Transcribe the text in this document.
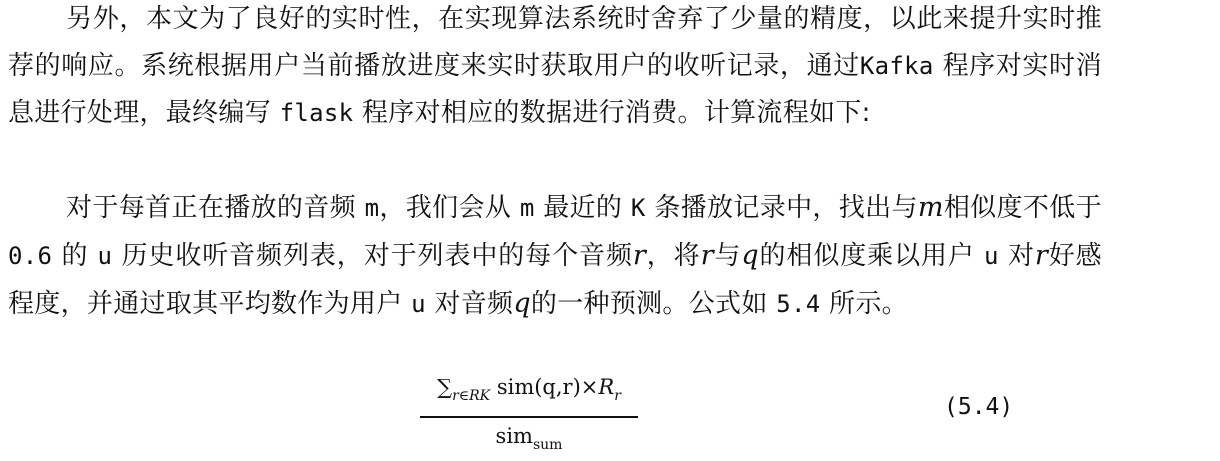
另外，本文为了良好的实时性，在实现算法系统时舍弃了少量的精度，以此来提升实时推荐的响应。系统根据用户当前播放进度来实时获取用户的收听记录，通过Kafka 程序对实时消息进行处理，最终编写 flask 程序对相应的数据进行消费。计算流程如下:

对于每首正在播放的音频 m，我们会从 m 最近的 K 条播放记录中，找出与m相似度不低于 0.6 的 u 历史收听音频列表，对于列表中的每个音频r，将r与q的相似度乘以用户 u 对r好感程度，并通过取其平均数作为用户 u 对音频q的一种预测。公式如 5.4 所示。

$\sum_{r\in RK}$ $sim(q,r)\times R_r$
sim$_{sum}$
(5.4)
